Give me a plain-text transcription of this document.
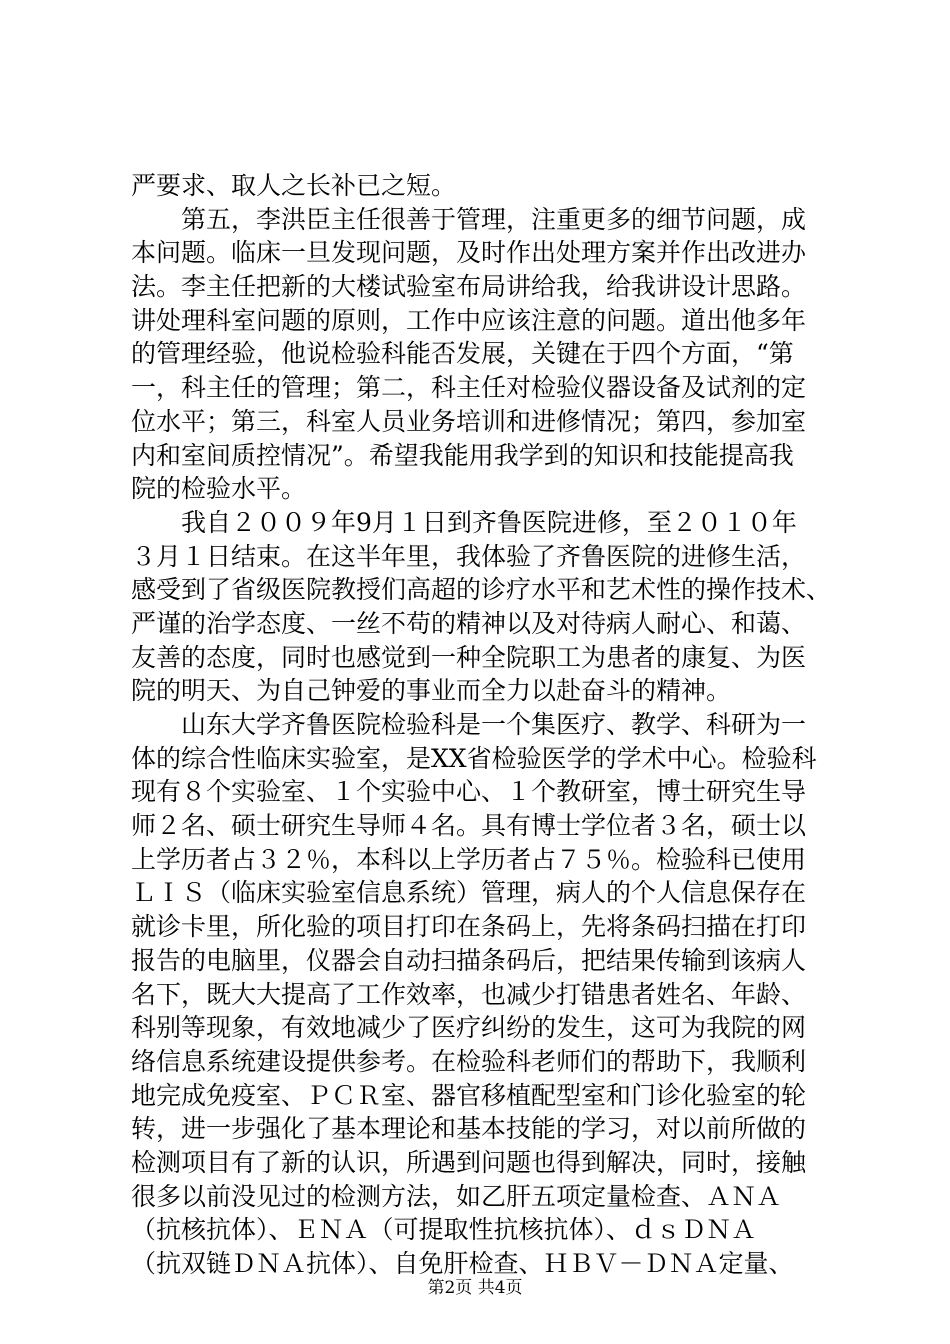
严要求、取人之长补已之短。
　　第五，李洪臣主任很善于管理，注重更多的细节问题，成
本问题。临床一旦发现问题，及时作出处理方案并作出改进办
法。李主任把新的大楼试验室布局讲给我，给我讲设计思路。
讲处理科室问题的原则，工作中应该注意的问题。道出他多年
的管理经验，他说检验科能否发展，关键在于四个方面，“第
一，科主任的管理；第二，科主任对检验仪器设备及试剂的定
位水平；第三，科室人员业务培训和进修情况；第四，参加室
内和室间质控情况”。希望我能用我学到的知识和技能提高我
院的检验水平。
　　我自２００９年9月１日到齐鲁医院进修，至２０１０年
３月１日结束。在这半年里，我体验了齐鲁医院的进修生活，
感受到了省级医院教授们高超的诊疗水平和艺术性的操作技术、
严谨的治学态度、一丝不苟的精神以及对待病人耐心、和蔼、
友善的态度，同时也感觉到一种全院职工为患者的康复、为医
院的明天、为自己钟爱的事业而全力以赴奋斗的精神。
　　山东大学齐鲁医院检验科是一个集医疗、教学、科研为一
体的综合性临床实验室，是XX省检验医学的学术中心。检验科
现有８个实验室、１个实验中心、１个教研室，博士研究生导
师２名、硕士研究生导师４名。具有博士学位者３名，硕士以
上学历者占３２％，本科以上学历者占７５％。检验科已使用
ＬＩＳ（临床实验室信息系统）管理，病人的个人信息保存在
就诊卡里，所化验的项目打印在条码上，先将条码扫描在打印
报告的电脑里，仪器会自动扫描条码后，把结果传输到该病人
名下，既大大提高了工作效率，也减少打错患者姓名、年龄、
科别等现象，有效地减少了医疗纠纷的发生，这可为我院的网
络信息系统建设提供参考。在检验科老师们的帮助下，我顺利
地完成免疫室、ＰＣＲ室、器官移植配型室和门诊化验室的轮
转，进一步强化了基本理论和基本技能的学习，对以前所做的
检测项目有了新的认识，所遇到问题也得到解决，同时，接触
很多以前没见过的检测方法，如乙肝五项定量检查、ＡＮＡ
（抗核抗体）、ＥＮＡ（可提取性抗核抗体）、ｄｓＤＮＡ
（抗双链ＤＮＡ抗体）、自免肝检查、ＨＢＶ－ＤＮＡ定量、
第2页 共4页
